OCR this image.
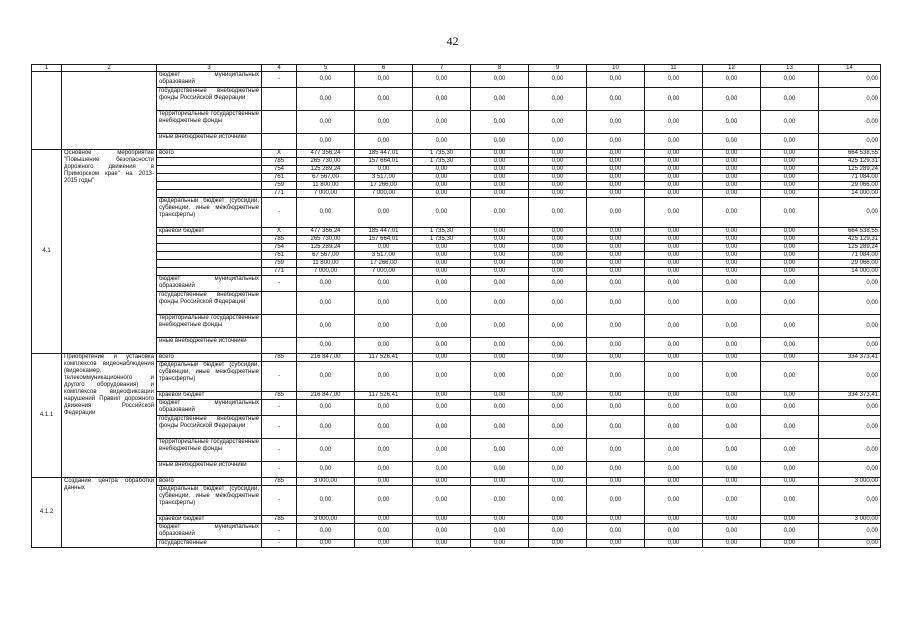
42
1	2	3	4	5	6	7	8	9	10	11	12	13	14
		бюджет муниципальных образований	-	0,00	0,00	0,00	0,00	0,00	0,00	0,00	0,00	0,00	0,00
		государственные внебюджетные фонды Российской Федерации		0,00	0,00	0,00	0,00	0,00	0,00	0,00	0,00	0,00	0,00
		территориальные государственные внебюджетные фонды		0,00	0,00	0,00	0,00	0,00	0,00	0,00	0,00	0,00	0,00
		иные внебюджетные источники		0,00	0,00	0,00	0,00	0,00	0,00	0,00	0,00	0,00	0,00
4.1	Основное мероприятие "Повышение безопасности дорожного движения в Приморском крае" на 2013-2015 годы"	всего	X	477 356,24	185 447,01	1 735,30	0,00	0,00	0,00	0,00	0,00	0,00	664 538,55
			785	265 730,00	157 664,01	1 735,30	0,00	0,00	0,00	0,00	0,00	0,00	425 129,31
			754	125 289,24	0,00	0,00	0,00	0,00	0,00	0,00	0,00	0,00	125 289,24
			761	67 567,00	3 517,00	0,00	0,00	0,00	0,00	0,00	0,00	0,00	71 084,00
			759	11 800,00	17 266,00	0,00	0,00	0,00	0,00	0,00	0,00	0,00	29 066,00
			771	7 000,00	7 000,00	0,00	0,00	0,00	0,00	0,00	0,00	0,00	14 000,00
		федеральный бюджет (субсидии, субвенции, иные межбюджетные трансферты)	-	0,00	0,00	0,00	0,00	0,00	0,00	0,00	0,00	0,00	0,00
		краевой бюджет	X	477 356,24	185 447,01	1 735,30	0,00	0,00	0,00	0,00	0,00	0,00	664 538,55
			785	265 730,00	157 664,01	1 735,30	0,00	0,00	0,00	0,00	0,00	0,00	425 129,31
			754	125 289,24	0,00	0,00	0,00	0,00	0,00	0,00	0,00	0,00	125 289,24
			761	67 567,00	3 517,00	0,00	0,00	0,00	0,00	0,00	0,00	0,00	71 084,00
			759	11 800,00	17 266,00	0,00	0,00	0,00	0,00	0,00	0,00	0,00	29 066,00
			771	7 000,00	7 000,00	0,00	0,00	0,00	0,00	0,00	0,00	0,00	14 000,00
		бюджет муниципальных образований	-	0,00	0,00	0,00	0,00	0,00	0,00	0,00	0,00	0,00	0,00
		государственные внебюджетные фонды Российской Федерации		0,00	0,00	0,00	0,00	0,00	0,00	0,00	0,00	0,00	0,00
		территориальные государственные внебюджетные фонды		0,00	0,00	0,00	0,00	0,00	0,00	0,00	0,00	0,00	0,00
		иные внебюджетные источники		0,00	0,00	0,00	0,00	0,00	0,00	0,00	0,00	0,00	0,00
4.1.1	Приобретение и установка комплексов видеонаблюдения (видеокамер, телекоммуникационного и другого оборудования) и комплексов видеофиксации нарушений Правил дорожного движения Российской Федерации	всего	785	216 847,00	117 526,41	0,00	0,00	0,00	0,00	0,00	0,00	0,00	334 373,41
		федеральный бюджет (субсидии, субвенции, иные межбюджетные трансферты)	-	0,00	0,00	0,00	0,00	0,00	0,00	0,00	0,00	0,00	0,00
		краевой бюджет	785	216 847,00	117 526,41	0,00	0,00	0,00	0,00	0,00	0,00	0,00	334 373,41
		бюджет муниципальных образований	-	0,00	0,00	0,00	0,00	0,00	0,00	0,00	0,00	0,00	0,00
		государственные внебюджетные фонды Российской Федерации	-	0,00	0,00	0,00	0,00	0,00	0,00	0,00	0,00	0,00	0,00
		территориальные государственные внебюджетные фонды	-	0,00	0,00	0,00	0,00	0,00	0,00	0,00	0,00	0,00	0,00
		иные внебюджетные источники	-	0,00	0,00	0,00	0,00	0,00	0,00	0,00	0,00	0,00	0,00
4.1.2	Создание центра обработки данных	всего	785	3 000,00	0,00	0,00	0,00	0,00	0,00	0,00	0,00	0,00	3 000,00
		федеральный бюджет (субсидии, субвенции, иные межбюджетные трансферты)	-	0,00	0,00	0,00	0,00	0,00	0,00	0,00	0,00	0,00	0,00
		краевой бюджет	785	3 000,00	0,00	0,00	0,00	0,00	0,00	0,00	0,00	0,00	3 000,00
		бюджет муниципальных образований	-	0,00	0,00	0,00	0,00	0,00	0,00	0,00	0,00	0,00	0,00
		государственные	-	0,00	0,00	0,00	0,00	0,00	0,00	0,00	0,00	0,00	0,00
